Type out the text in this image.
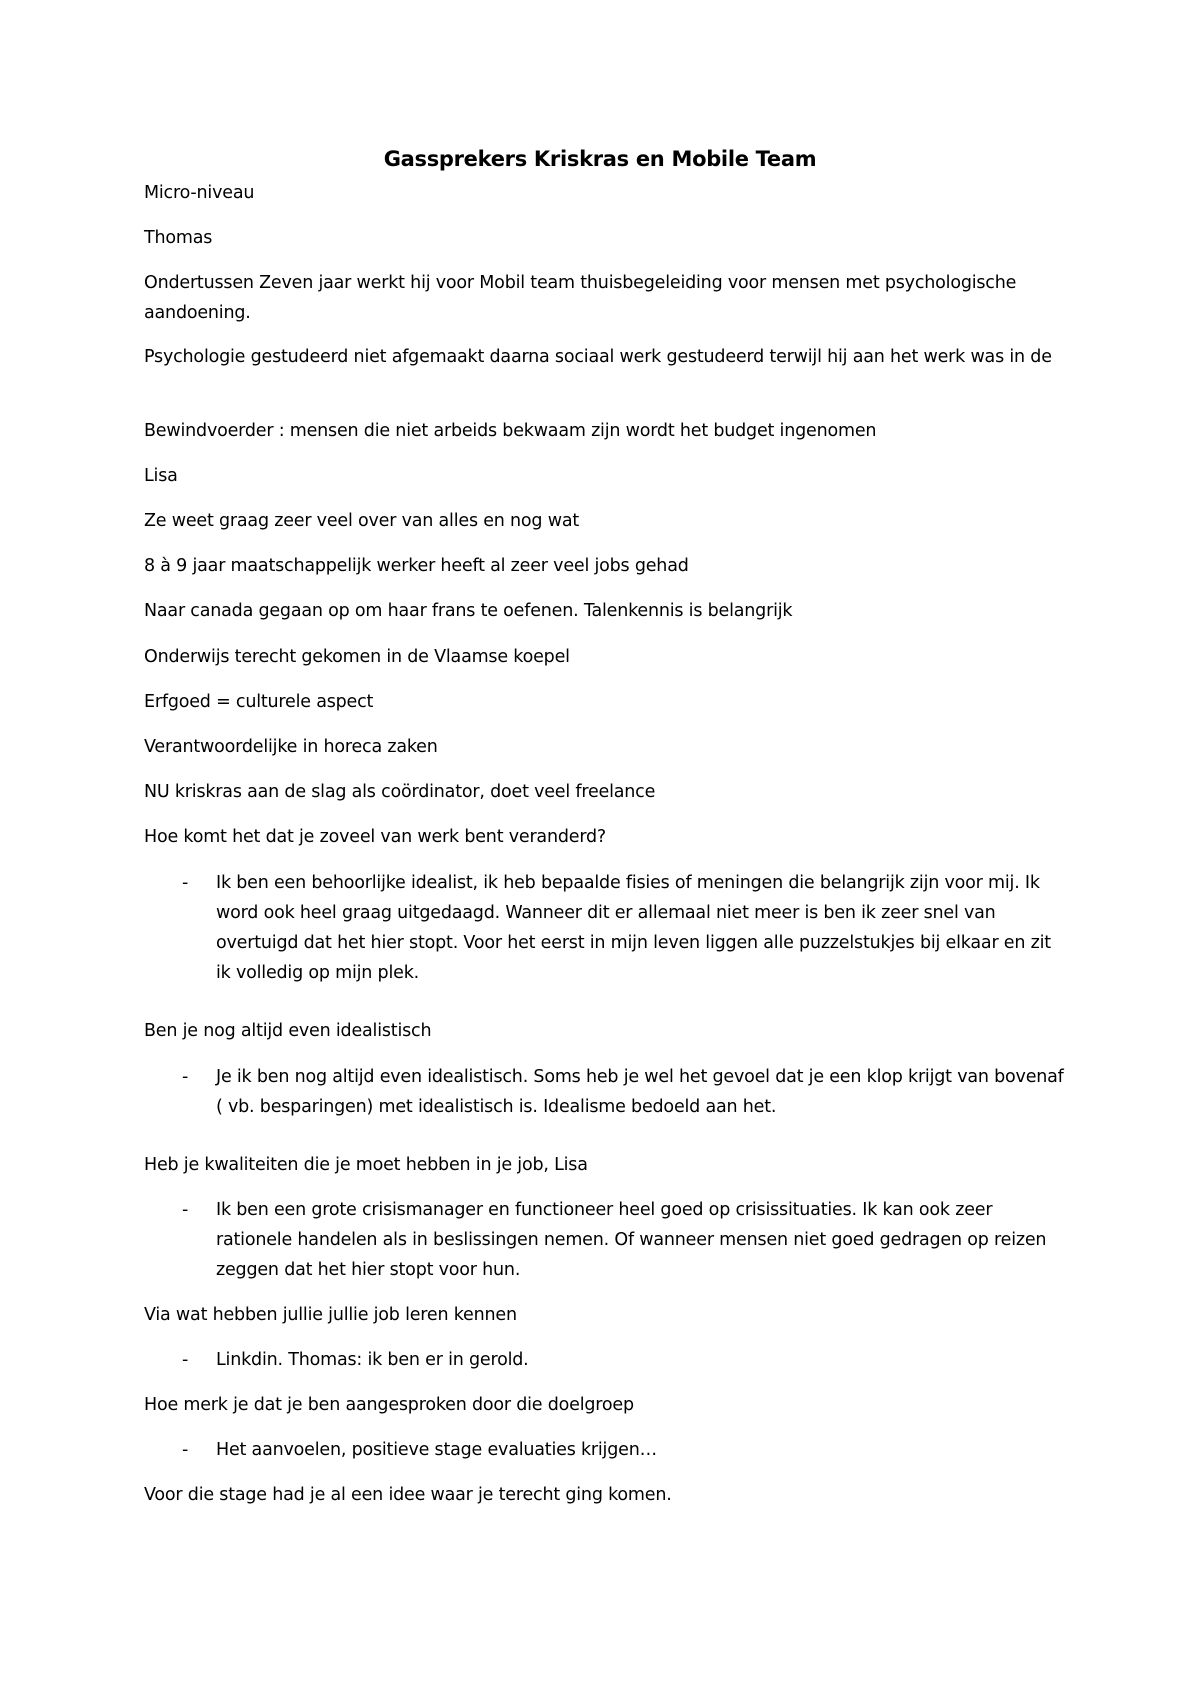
Gassprekers Kriskras en Mobile Team

Micro-niveau

Thomas

Ondertussen Zeven jaar werkt hij voor Mobil team thuisbegeleiding voor mensen met psychologische aandoening.

Psychologie gestudeerd niet afgemaakt daarna sociaal werk gestudeerd terwijl hij aan het werk was in de

Bewindvoerder : mensen die niet arbeids bekwaam zijn wordt het budget ingenomen

Lisa

Ze weet graag zeer veel over van alles en nog wat

8 à 9 jaar maatschappelijk werker heeft al zeer veel jobs gehad

Naar canada gegaan op om haar frans te oefenen. Talenkennis is belangrijk

Onderwijs terecht gekomen in de Vlaamse koepel

Erfgoed = culturele aspect

Verantwoordelijke in horeca zaken

NU kriskras aan de slag als coördinator, doet veel freelance

Hoe komt het dat je zoveel van werk bent veranderd?

- Ik ben een behoorlijke idealist, ik heb bepaalde fisies of meningen die belangrijk zijn voor mij. Ik word ook heel graag uitgedaagd. Wanneer dit er allemaal niet meer is ben ik zeer snel van overtuigd dat het hier stopt. Voor het eerst in mijn leven liggen alle puzzelstukjes bij elkaar en zit ik volledig op mijn plek.

Ben je nog altijd even idealistisch

- Je ik ben nog altijd even idealistisch. Soms heb je wel het gevoel dat je een klop krijgt van bovenaf ( vb. besparingen) met idealistisch is. Idealisme bedoeld aan het.

Heb je kwaliteiten die je moet hebben in je job, Lisa

- Ik ben een grote crisismanager en functioneer heel goed op crisissituaties. Ik kan ook zeer rationele handelen als in beslissingen nemen. Of wanneer mensen niet goed gedragen op reizen zeggen dat het hier stopt voor hun.

Via wat hebben jullie jullie job leren kennen

- Linkdin. Thomas: ik ben er in gerold.

Hoe merk je dat je ben aangesproken door die doelgroep

- Het aanvoelen, positieve stage evaluaties krijgen…

Voor die stage had je al een idee waar je terecht ging komen.
